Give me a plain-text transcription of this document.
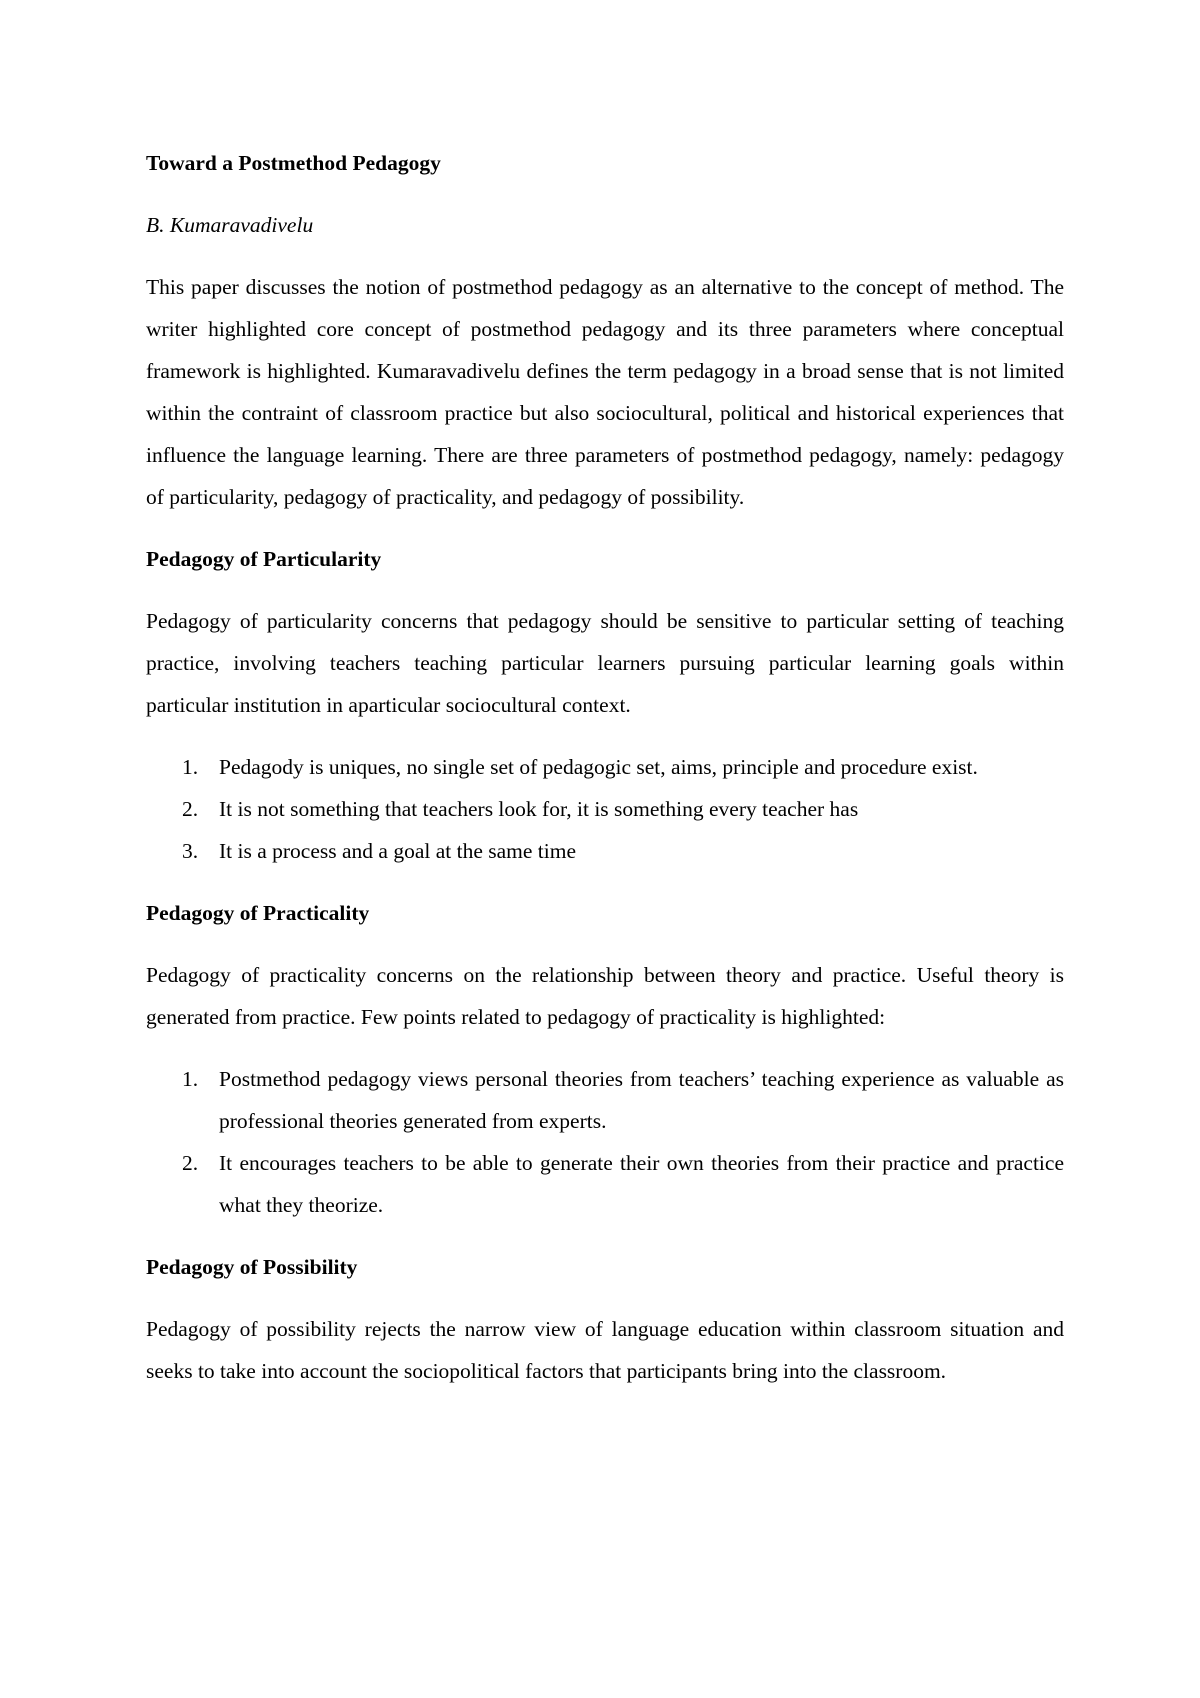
Toward a Postmethod Pedagogy
B. Kumaravadivelu
This paper discusses the notion of postmethod pedagogy as an alternative to the concept of method. The writer highlighted core concept of postmethod pedagogy and its three parameters where conceptual framework is highlighted. Kumaravadivelu defines the term pedagogy in a broad sense that is not limited within the contraint of classroom practice but also sociocultural, political and historical experiences that influence the language learning. There are three parameters of postmethod pedagogy, namely: pedagogy of particularity, pedagogy of practicality, and pedagogy of possibility.
Pedagogy of Particularity
Pedagogy of particularity concerns that pedagogy should be sensitive to particular setting of teaching practice, involving teachers teaching particular learners pursuing particular learning goals within particular institution in aparticular sociocultural context.
1. Pedagody is uniques, no single set of pedagogic set, aims, principle and procedure exist.
2. It is not something that teachers look for, it is something every teacher has
3. It is a process and a goal at the same time
Pedagogy of Practicality
Pedagogy of practicality concerns on the relationship between theory and practice. Useful theory is generated from practice. Few points related to pedagogy of practicality is highlighted:
1. Postmethod pedagogy views personal theories from teachers’ teaching experience as valuable as professional theories generated from experts.
2. It encourages teachers to be able to generate their own theories from their practice and practice what they theorize.
Pedagogy of Possibility
Pedagogy of possibility rejects the narrow view of language education within classroom situation and seeks to take into account the sociopolitical factors that participants bring into the classroom.
